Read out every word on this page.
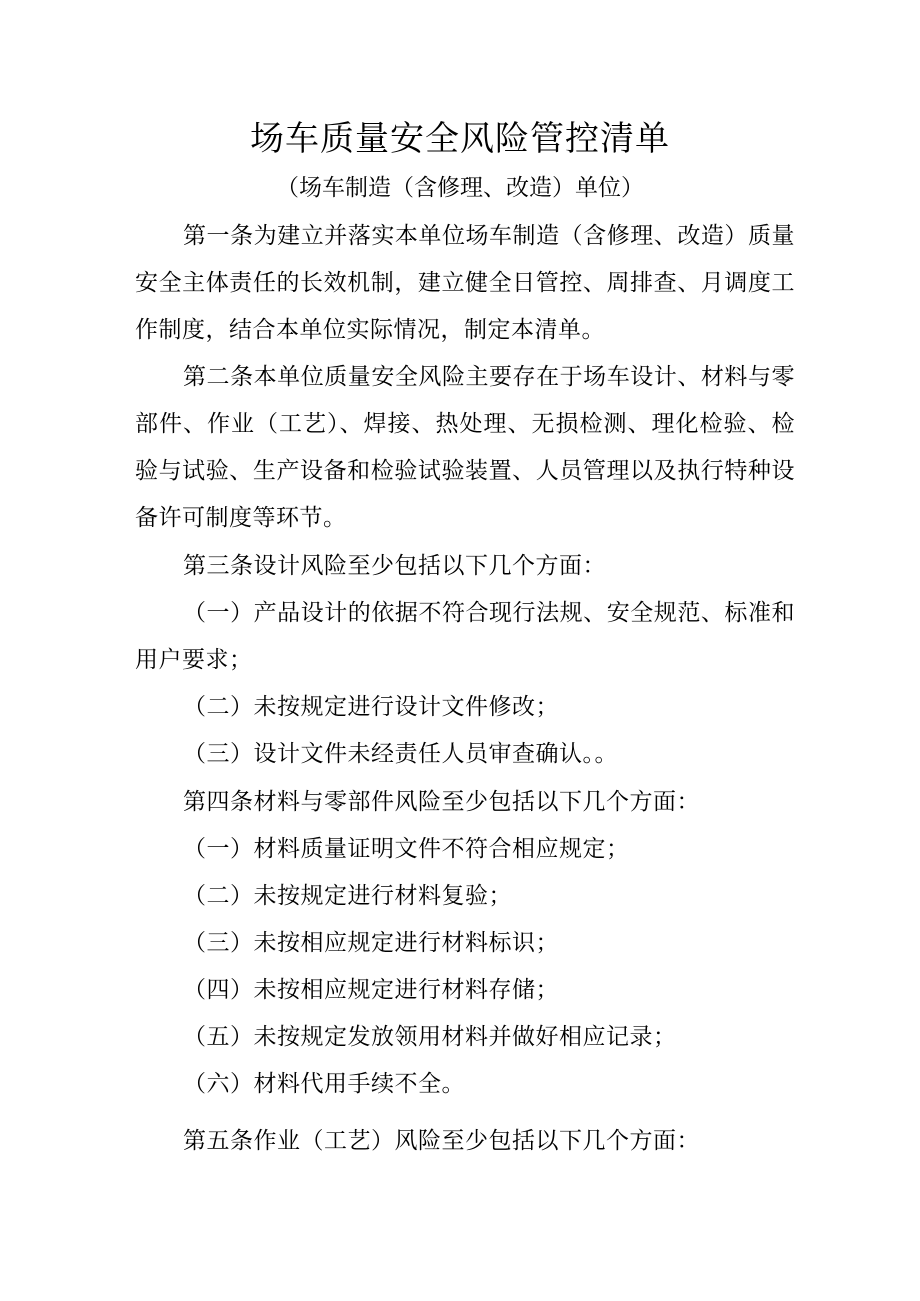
场车质量安全风险管控清单
（场车制造（含修理、改造）单位）

第一条为建立并落实本单位场车制造（含修理、改造）质量安全主体责任的长效机制，建立健全日管控、周排查、月调度工作制度，结合本单位实际情况，制定本清单。

第二条本单位质量安全风险主要存在于场车设计、材料与零部件、作业（工艺）、焊接、热处理、无损检测、理化检验、检验与试验、生产设备和检验试验装置、人员管理以及执行特种设备许可制度等环节。

第三条设计风险至少包括以下几个方面：

（一）产品设计的依据不符合现行法规、安全规范、标准和用户要求；

（二）未按规定进行设计文件修改；

（三）设计文件未经责任人员审查确认。。

第四条材料与零部件风险至少包括以下几个方面：

（一）材料质量证明文件不符合相应规定；

（二）未按规定进行材料复验；

（三）未按相应规定进行材料标识；

（四）未按相应规定进行材料存储；

（五）未按规定发放领用材料并做好相应记录；

（六）材料代用手续不全。

第五条作业（工艺）风险至少包括以下几个方面：
